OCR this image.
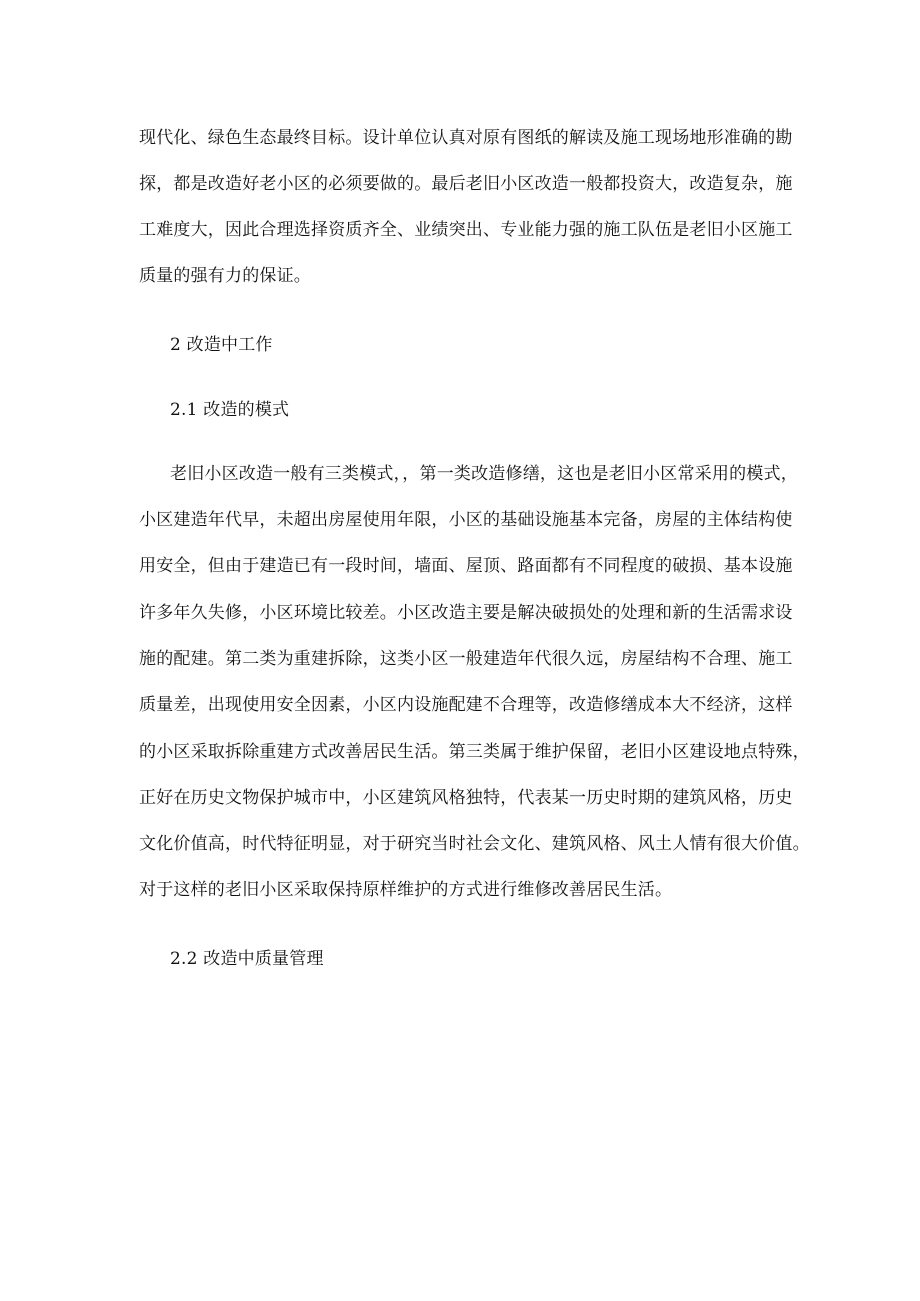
现代化、绿色生态最终目标。设计单位认真对原有图纸的解读及施工现场地形准确的勘
探，都是改造好老小区的必须要做的。最后老旧小区改造一般都投资大，改造复杂，施
工难度大，因此合理选择资质齐全、业绩突出、专业能力强的施工队伍是老旧小区施工
质量的强有力的保证。
2 改造中工作
2.1 改造的模式
老旧小区改造一般有三类模式，，第一类改造修缮，这也是老旧小区常采用的模式，
小区建造年代早，未超出房屋使用年限，小区的基础设施基本完备，房屋的主体结构使
用安全，但由于建造已有一段时间，墙面、屋顶、路面都有不同程度的破损、基本设施
许多年久失修，小区环境比较差。小区改造主要是解决破损处的处理和新的生活需求设
施的配建。第二类为重建拆除，这类小区一般建造年代很久远，房屋结构不合理、施工
质量差，出现使用安全因素，小区内设施配建不合理等，改造修缮成本大不经济，这样
的小区采取拆除重建方式改善居民生活。第三类属于维护保留，老旧小区建设地点特殊，
正好在历史文物保护城市中，小区建筑风格独特，代表某一历史时期的建筑风格，历史
文化价值高，时代特征明显，对于研究当时社会文化、建筑风格、风土人情有很大价值。
对于这样的老旧小区采取保持原样维护的方式进行维修改善居民生活。
2.2 改造中质量管理
